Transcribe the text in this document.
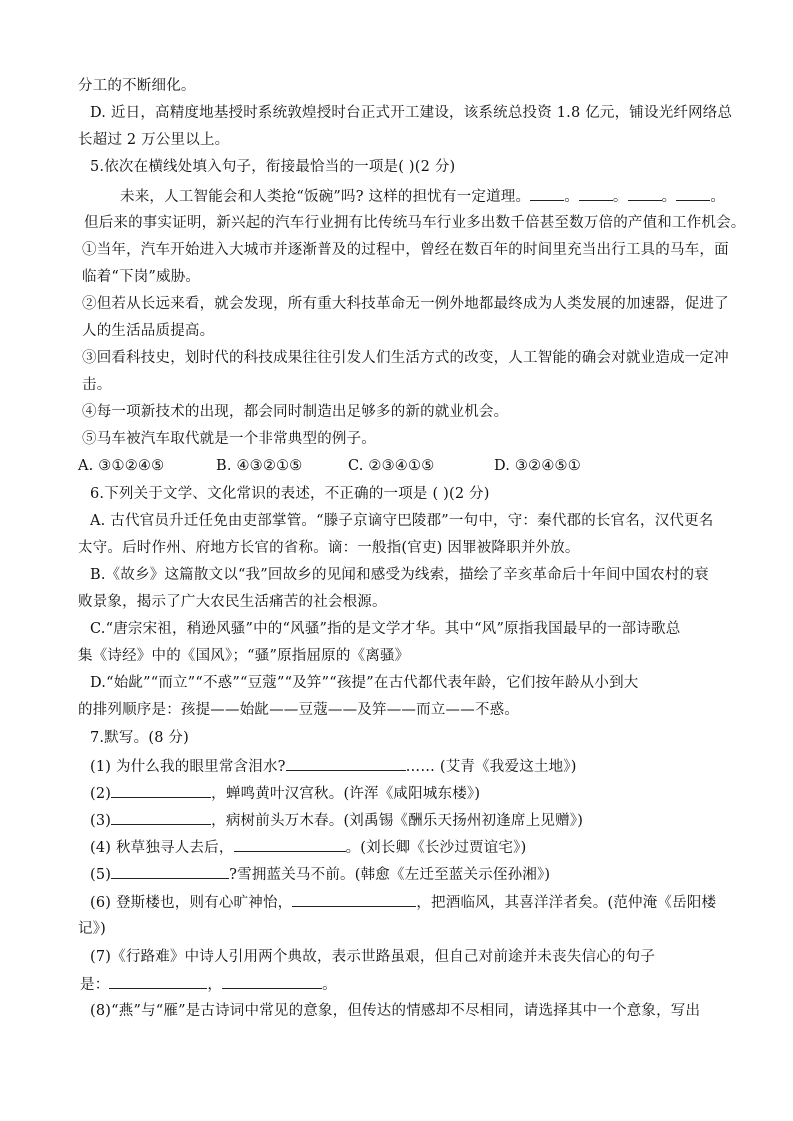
分工的不断细化。
D. 近日，高精度地基授时系统敦煌授时台正式开工建设，该系统总投资 1.8 亿元，铺设光纤网络总
长超过 2 万公里以上。
5.依次在横线处填入句子，衔接最恰当的一项是( )(2 分)
未来，人工智能会和人类抢“饭碗”吗? 这样的担忧有一定道理。 。 。 。 。
但后来的事实证明，新兴起的汽车行业拥有比传统马车行业多出数千倍甚至数万倍的产值和工作机会。
①当年，汽车开始进入大城市并逐渐普及的过程中，曾经在数百年的时间里充当出行工具的马车，面
临着“下岗”威胁。
②但若从长远来看，就会发现，所有重大科技革命无一例外地都最终成为人类发展的加速器，促进了
人的生活品质提高。
③回看科技史，划时代的科技成果往往引发人们生活方式的改变，人工智能的确会对就业造成一定冲
击。
④每一项新技术的出现，都会同时制造出足够多的新的就业机会。
⑤马车被汽车取代就是一个非常典型的例子。
A. ③①②④⑤	B. ④③②①⑤	C. ②③④①⑤	D. ③②④⑤①
6.下列关于文学、文化常识的表述，不正确的一项是 ( )(2 分)
A. 古代官员升迁任免由吏部掌管。“滕子京谪守巴陵郡”一句中，守：秦代郡的长官名，汉代更名
太守。后时作州、府地方长官的省称。谪：一般指(官吏) 因罪被降职并外放。
B.《故乡》这篇散文以“我”回故乡的见闻和感受为线索，描绘了辛亥革命后十年间中国农村的衰
败景象，揭示了广大农民生活痛苦的社会根源。
C.“唐宗宋祖，稍逊风骚”中的“风骚”指的是文学才华。其中“风”原指我国最早的一部诗歌总
集《诗经》中的《国风》；“骚”原指屈原的《离骚》
D.“始龀”“而立”“不惑”“豆蔻”“及笄”“孩提”在古代都代表年龄，它们按年龄从小到大
的排列顺序是：孩提——始龀——豆蔻——及笄——而立——不惑。
7.默写。(8 分)
(1) 为什么我的眼里常含泪水?	…… (艾青《我爱这土地》)
(2)	，蝉鸣黄叶汉宫秋。(许浑《咸阳城东楼》)
(3)	，病树前头万木春。(刘禹锡《酬乐天扬州初逢席上见赠》)
(4) 秋草独寻人去后，	。(刘长卿《长沙过贾谊宅》)
(5)	?雪拥蓝关马不前。(韩愈《左迁至蓝关示侄孙湘》)
(6) 登斯楼也，则有心旷神怡，	，把酒临风，其喜洋洋者矣。(范仲淹《岳阳楼
记》)
(7)《行路难》中诗人引用两个典故，表示世路虽艰，但自己对前途并未丧失信心的句子
是：	，	。
(8)“燕”与“雁”是古诗词中常见的意象，但传达的情感却不尽相同，请选择其中一个意象，写出
